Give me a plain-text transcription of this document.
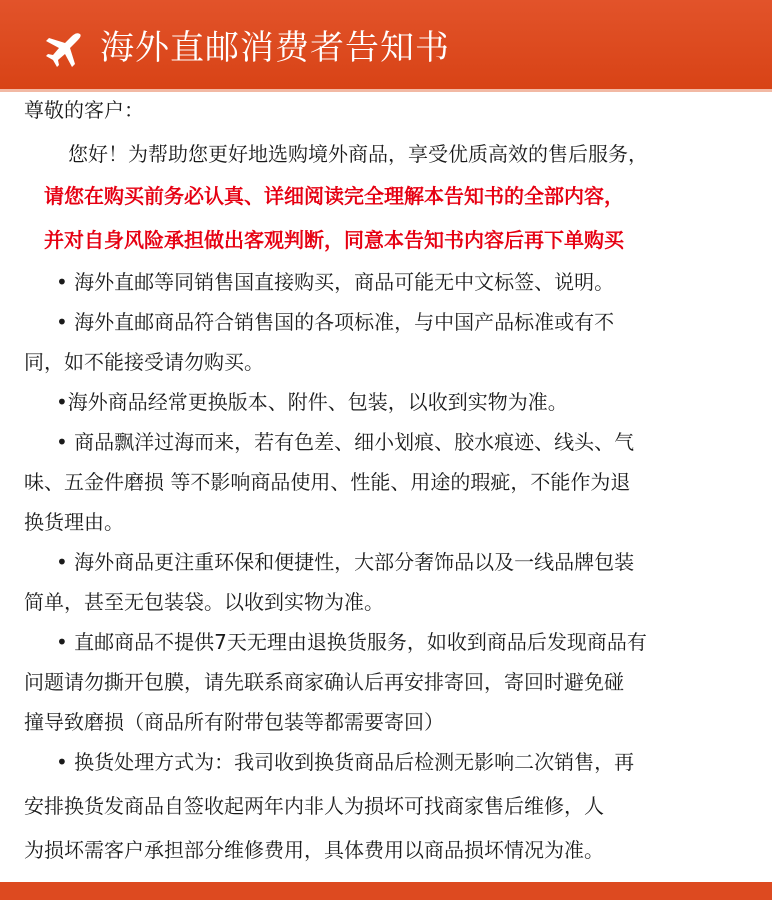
海外直邮消费者告知书
尊敬的客户：
您好！为帮助您更好地选购境外商品，享受优质高效的售后服务，
请您在购买前务必认真、详细阅读完全理解本告知书的全部内容，
并对自身风险承担做出客观判断，同意本告知书内容后再下单购买
• 海外直邮等同销售国直接购买，商品可能无中文标签、说明。
• 海外直邮商品符合销售国的各项标准，与中国产品标准或有不
同，如不能接受请勿购买。
•海外商品经常更换版本、附件、包装，以收到实物为准。
• 商品飘洋过海而来，若有色差、细小划痕、胶水痕迹、线头、气
味、五金件磨损 等不影响商品使用、性能、用途的瑕疵，不能作为退
换货理由。
• 海外商品更注重环保和便捷性，大部分奢饰品以及一线品牌包装
简单，甚至无包装袋。以收到实物为准。
• 直邮商品不提供7天无理由退换货服务，如收到商品后发现商品有
问题请勿撕开包膜，请先联系商家确认后再安排寄回，寄回时避免碰
撞导致磨损（商品所有附带包装等都需要寄回）
• 换货处理方式为：我司收到换货商品后检测无影响二次销售，再
安排换货发商品自签收起两年内非人为损坏可找商家售后维修，人
为损坏需客户承担部分维修费用，具体费用以商品损坏情况为准。
